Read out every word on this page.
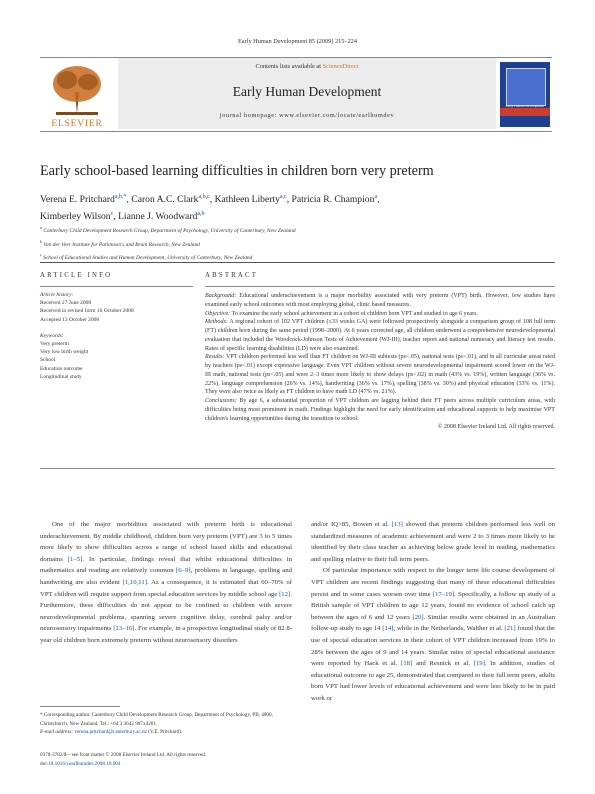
Early Human Development 85 (2009) 215–224
ELSEVIER
Contents lists available at ScienceDirect
Early Human Development
journal homepage: www.elsevier.com/locate/earlhumdev
Early Human Development
Early school-based learning difficulties in children born very preterm
Verena E. Pritchard$^{a,b,*}$, Caron A.C. Clark$^{a,b,c}$, Kathleen Liberty$^{a,c}$, Patricia R. Champion$^a$,
Kimberley Wilson$^c$, Lianne J. Woodward$^{a,b}$
$^a$ Canterbury Child Development Research Group, Department of Psychology, University of Canterbury, New Zealand
$^b$ Van der Veer Institute for Parkinson's and Brain Research, New Zealand
$^c$ School of Educational Studies and Human Development, University of Canterbury, New Zealand
ARTICLE INFO	ABSTRACT
Article history:
Received 27 June 2008
Received in revised form 10 October 2008
Accepted 13 October 2008
Keywords:
Very preterm
Very low birth weight
School
Education outcome
Longitudinal study

Background: Educational underachievement is a major morbidity associated with very preterm (VPT) birth. However, few studies have examined early school outcomes with most employing global, clinic based measures.

Objective: To examine the early school achievement in a cohort of children born VPT and studied to age 6 years.

Methods: A regional cohort of 102 VPT children (≤33 weeks GA) were followed prospectively alongside a comparison group of 108 full term (FT) children born during the same period (1998–2000). At 6 years corrected age, all children underwent a comprehensive neurodevelopmental evaluation that included the Woodcock-Johnson Tests of Achievement (WJ-III), teacher report and national numeracy and literacy test results. Rates of specific learning disabilities (LD) were also examined.

Results: VPT children performed less well than FT children on WJ-III subtests (ps<.05), national tests (ps<.01), and in all curricular areas rated by teachers (ps<.01) except expressive language. Even VPT children without severe neurodevelopmental impairment scored lower on the WJ-III math, national tests (ps<.05) and were 2–3 times more likely to show delays (ps<.02) in math (43% vs. 19%), written language (36% vs. 22%), language comprehension (26% vs. 14%), handwriting (36% vs. 17%), spelling (38% vs. 30%) and physical education (33% vs. 11%). They were also twice as likely as FT children to have math LD (47% vs. 21%).

Conclusions: By age 6, a substantial proportion of VPT children are lagging behind their FT peers across multiple curriculum areas, with difficulties being most prominent in math. Findings highlight the need for early identification and educational supports to help maximise VPT children's learning opportunities during the transition to school.

© 2008 Elsevier Ireland Ltd. All rights reserved.

One of the major morbidities associated with preterm birth is educational underachievement. By middle childhood, children born very preterm (VPT) are 3 to 5 times more likely to show difficulties across a range of school based skills and educational domains [1–5]. In particular, findings reveal that whilst educational difficulties in mathematics and reading are relatively common [6–9], problems in language, spelling and handwriting are also evident [1,10,11]. As a consequence, it is estimated that 60–70% of VPT children will require support from special education services by middle school age [12]. Furthermore, these difficulties do not appear to be confined to children with severe neurodevelopmental problems, spanning severe cognitive delay, cerebral palsy and/or neurosensory impairments [13–16]. For example, in a prospective longitudinal study of 82 8-year old children born extremely preterm without neurosensory disorders

and/or IQ>85, Bowen et al. [13] showed that preterm children performed less well on standardized measures of academic achievement and were 2 to 3 times more likely to be identified by their class teacher as achieving below grade level in reading, mathematics and spelling relative to their full term peers.

Of particular importance with respect to the longer term life course development of VPT children are recent findings suggesting that many of these educational difficulties persist and in some cases worsen over time [17–19]. Specifically, a follow up study of a British sample of VPT children to age 12 years, found no evidence of school catch up between the ages of 6 and 12 years [20]. Similar results were obtained in an Australian follow-up study to age 14 [14], while in the Netherlands, Walther et al. [21] found that the use of special education services in their cohort of VPT children increased from 19% to 28% between the ages of 9 and 14 years. Similar rates of special educational assistance were reported by Hack et al. [18] and Resnick et al. [19]. In addition, studies of educational outcome to age 25, demonstrated that compared to their full term peers, adults born VPT had lower levels of educational achievement and were less likely to be in paid work or

* Corresponding author. Canterbury Child Development Research Group, Department of Psychology, PB, 4800, Christchurch, New Zealand. Tel.: +64 3 3642 987x4201.
E-mail address: verena.pritchard@canterbury.ac.nz (V.E. Pritchard).
0378-3782/$ – see front matter © 2008 Elsevier Ireland Ltd. All rights reserved.
doi:10.1016/j.earlhumdev.2008.10.004
